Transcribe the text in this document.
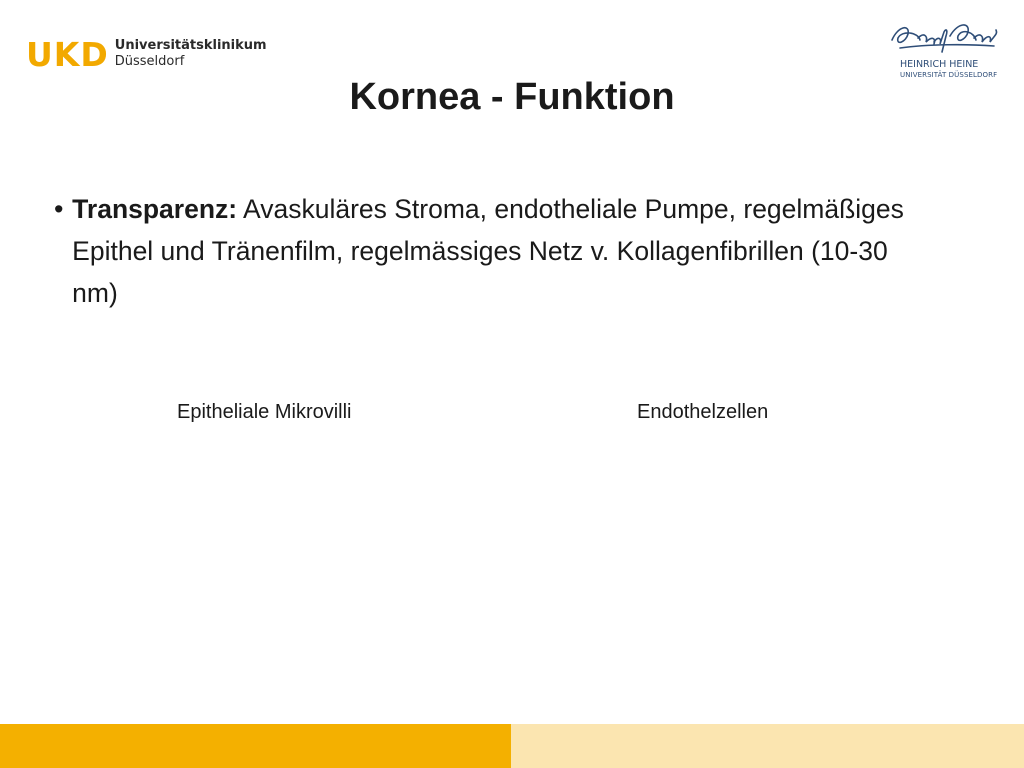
UKD Universitätsklinikum
Düsseldorf	HEINRICH HEINE
UNIVERSITÄT DÜSSELDORF
Kornea - Funktion
• Transparenz: Avaskuläres Stroma, endotheliale Pumpe, regelmäßiges Epithel und Tränenfilm, regelmässiges Netz v. Kollagenfibrillen (10-30 nm)
Epitheliale Mikrovilli	Endothelzellen
